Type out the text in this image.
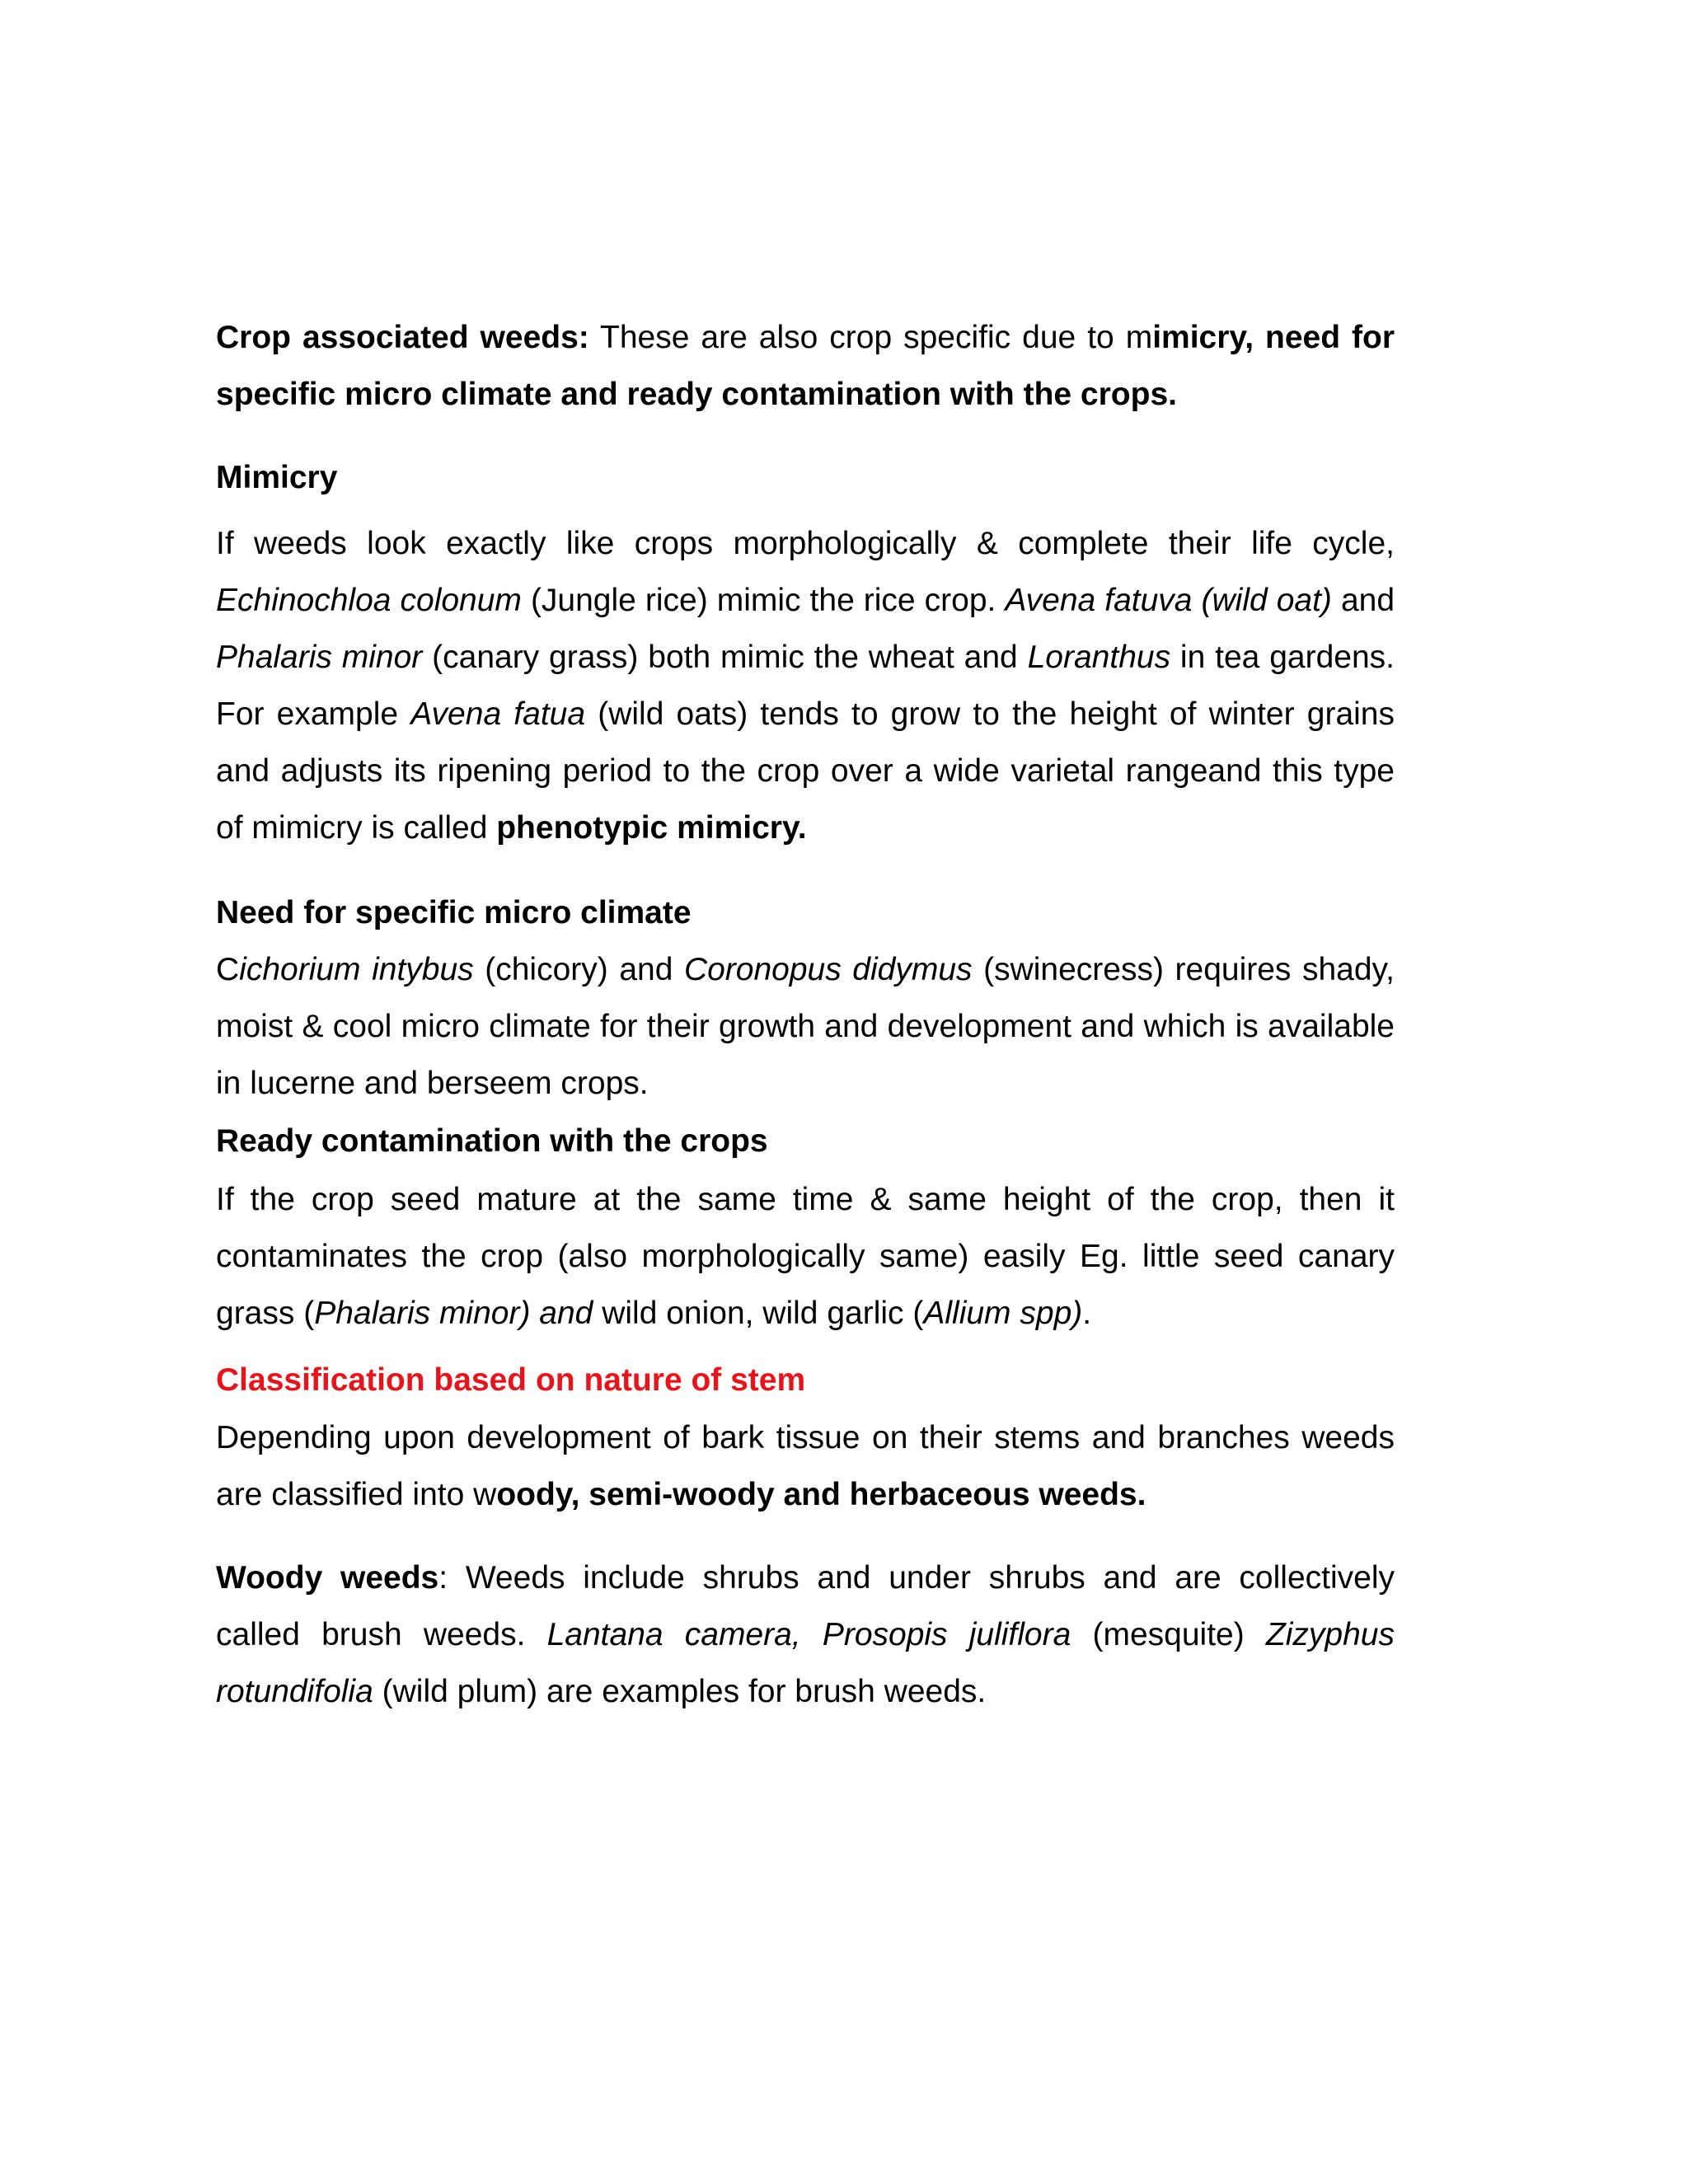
Crop associated weeds: These are also crop specific due to mimicry, need for specific micro climate and ready contamination with the crops.

Mimicry

If weeds look exactly like crops morphologically & complete their life cycle, Echinochloa colonum (Jungle rice) mimic the rice crop. Avena fatuva (wild oat) and Phalaris minor (canary grass) both mimic the wheat and Loranthus in tea gardens. For example Avena fatua (wild oats) tends to grow to the height of winter grains and adjusts its ripening period to the crop over a wide varietal rangeand this type of mimicry is called phenotypic mimicry.

Need for specific micro climate

Cichorium intybus (chicory) and Coronopus didymus (swinecress) requires shady, moist & cool micro climate for their growth and development and which is available in lucerne and berseem crops.

Ready contamination with the crops

If the crop seed mature at the same time & same height of the crop, then it contaminates the crop (also morphologically same) easily Eg. little seed canary grass (Phalaris minor) and wild onion, wild garlic (Allium spp).

Classification based on nature of stem

Depending upon development of bark tissue on their stems and branches weeds are classified into woody, semi-woody and herbaceous weeds.

Woody weeds: Weeds include shrubs and under shrubs and are collectively called brush weeds. Lantana camera, Prosopis juliflora (mesquite) Zizyphus rotundifolia (wild plum) are examples for brush weeds.
